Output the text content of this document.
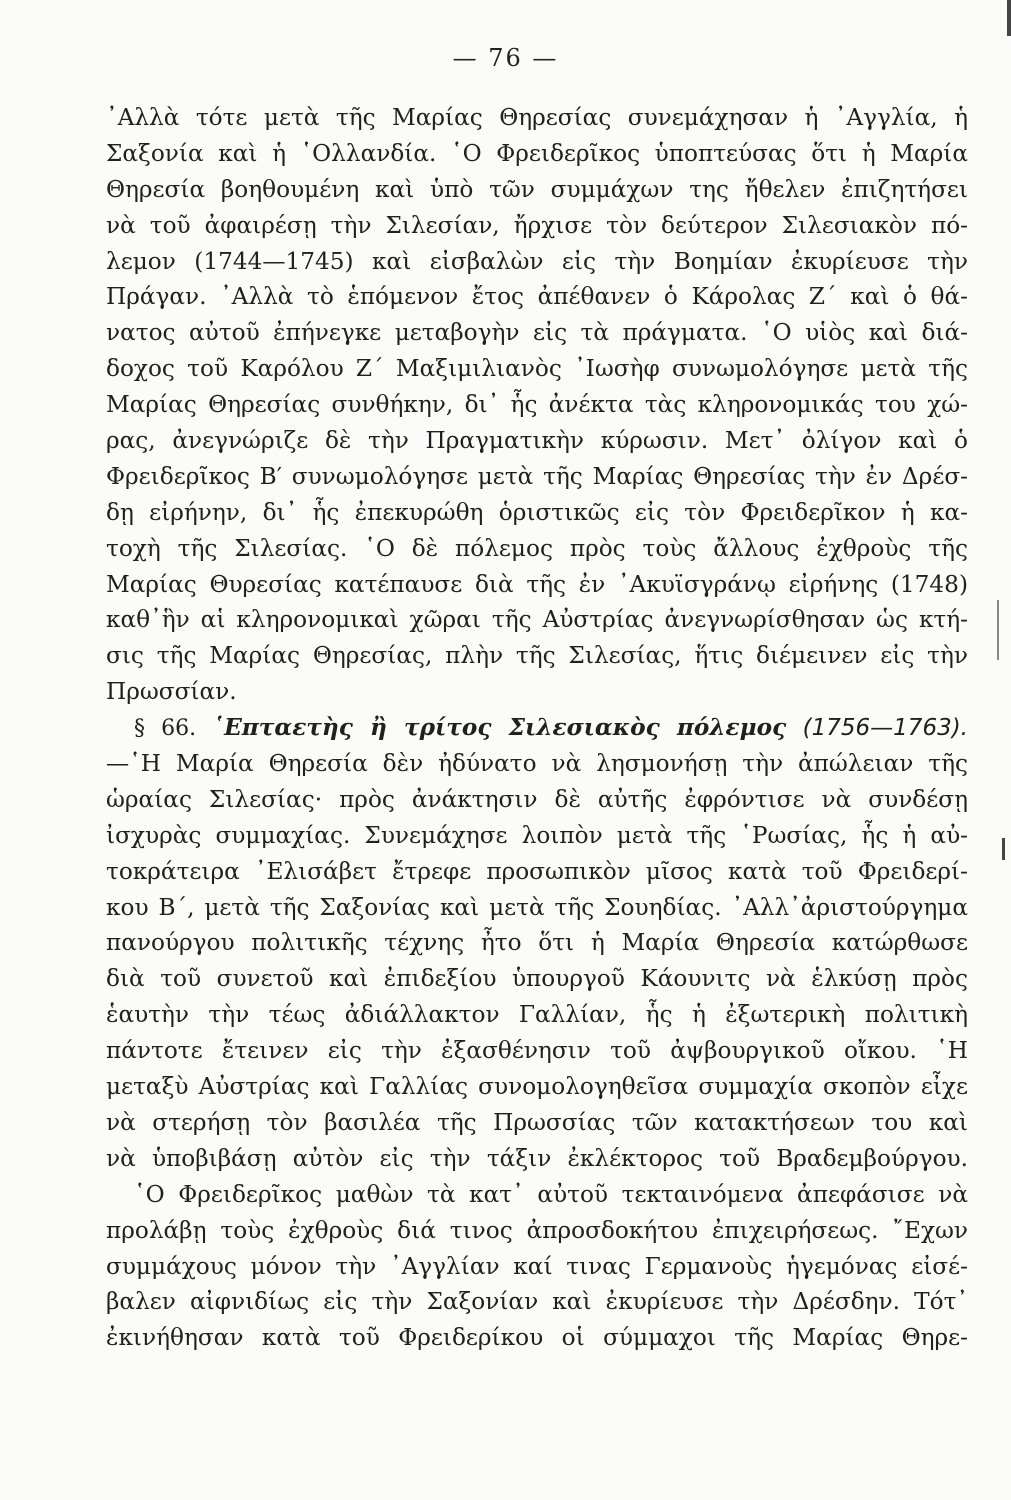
— 76 —
᾿Αλλὰ τότε μετὰ τῆς Μαρίας Θηρεσίας συνεμάχησαν ἡ ᾿Αγγλία, ἡ
Σαξονία καὶ ἡ ῾Ολλανδία. ῾Ο Φρειδερῖκος ὑποπτεύσας ὅτι ἡ Μαρία
Θηρεσία βοηθουμένη καὶ ὑπὸ τῶν συμμάχων της ἤθελεν ἐπιζητήσει
νὰ τοῦ ἀφαιρέσῃ τὴν Σιλεσίαν, ἤρχισε τὸν δεύτερον Σιλεσιακὸν πό-
λεμον (1744—1745) καὶ εἰσβαλὼν εἰς τὴν Βοημίαν ἐκυρίευσε τὴν
Πράγαν. ᾿Αλλὰ τὸ ἑπόμενον ἔτος ἀπέθανεν ὁ Κάρολας Ζ΄ καὶ ὁ θά-
νατος αὐτοῦ ἐπήνεγκε μεταβογὴν εἰς τὰ πράγματα. ῾Ο υἱὸς καὶ διά-
δοχος τοῦ Καρόλου Ζ΄ Μαξιμιλιανὸς ᾿Ιωσὴφ συνωμολόγησε μετὰ τῆς
Μαρίας Θηρεσίας συνθήκην, δι᾿ ἧς ἀνέκτα τὰς κληρονομικάς του χώ-
ρας, ἀνεγνώριζε δὲ τὴν Πραγματικὴν κύρωσιν. Μετ᾿ ὀλίγον καὶ ὁ
Φρειδερῖκος Β′ συνωμολόγησε μετὰ τῆς Μαρίας Θηρεσίας τὴν ἐν Δρέσ-
δῃ εἰρήνην, δι᾿ ἧς ἐπεκυρώθη ὁριστικῶς εἰς τὸν Φρειδερῖκον ἡ κα-
τοχὴ τῆς Σιλεσίας. ῾Ο δὲ πόλεμος πρὸς τοὺς ἄλλους ἐχθροὺς τῆς
Μαρίας Θυρεσίας κατέπαυσε διὰ τῆς ἐν ᾿Ακυϊσγράνῳ εἰρήνης (1748)
καθ᾿ἣν αἱ κληρονομικαὶ χῶραι τῆς Αὐστρίας ἀνεγνωρίσθησαν ὡς κτή-
σις τῆς Μαρίας Θηρεσίας, πλὴν τῆς Σιλεσίας, ἥτις διέμεινεν εἰς τὴν
Πρωσσίαν.
§ 66. ῾Επταετὴς ἢ τρίτος Σιλεσιακὸς πόλεμος (1756—1763).
—῾Η Μαρία Θηρεσία δὲν ἠδύνατο νὰ λησμονήσῃ τὴν ἀπώλειαν τῆς
ὡραίας Σιλεσίας· πρὸς ἀνάκτησιν δὲ αὐτῆς ἐφρόντισε νὰ συνδέσῃ
ἰσχυρὰς συμμαχίας. Συνεμάχησε λοιπὸν μετὰ τῆς ῾Ρωσίας, ἧς ἡ αὐ-
τοκράτειρα ᾿Ελισάβετ ἔτρεφε προσωπικὸν μῖσος κατὰ τοῦ Φρειδερί-
κου Β΄, μετὰ τῆς Σαξονίας καὶ μετὰ τῆς Σουηδίας. ᾿Αλλ᾿ἀριστούργημα
πανούργου πολιτικῆς τέχνης ἦτο ὅτι ἡ Μαρία Θηρεσία κατώρθωσε
διὰ τοῦ συνετοῦ καὶ ἐπιδεξίου ὑπουργοῦ Κάουνιτς νὰ ἑλκύσῃ πρὸς
ἑαυτὴν τὴν τέως ἀδιάλλακτον Γαλλίαν, ἧς ἡ ἐξωτερικὴ πολιτικὴ
πάντοτε ἔτεινεν εἰς τὴν ἐξασθένησιν τοῦ ἀψβουργικοῦ οἴκου. ῾Η
μεταξὺ Αὐστρίας καὶ Γαλλίας συνομολογηθεῖσα συμμαχία σκοπὸν εἶχε
νὰ στερήσῃ τὸν βασιλέα τῆς Πρωσσίας τῶν κατακτήσεων του καὶ
νὰ ὑποβιβάσῃ αὐτὸν εἰς τὴν τάξιν ἐκλέκτορος τοῦ Βραδεμβούργου.
῾Ο Φρειδερῖκος μαθὼν τὰ κατ᾿ αὐτοῦ τεκταινόμενα ἀπεφάσισε νὰ
προλάβῃ τοὺς ἐχθροὺς διά τινος ἀπροσδοκήτου ἐπιχειρήσεως. ῎Εχων
συμμάχους μόνον τὴν ᾿Αγγλίαν καί τινας Γερμανοὺς ἡγεμόνας εἰσέ-
βαλεν αἰφνιδίως εἰς τὴν Σαξονίαν καὶ ἐκυρίευσε τὴν Δρέσδην. Τότ᾿
ἐκινήθησαν κατὰ τοῦ Φρειδερίκου οἱ σύμμαχοι τῆς Μαρίας Θηρε-
